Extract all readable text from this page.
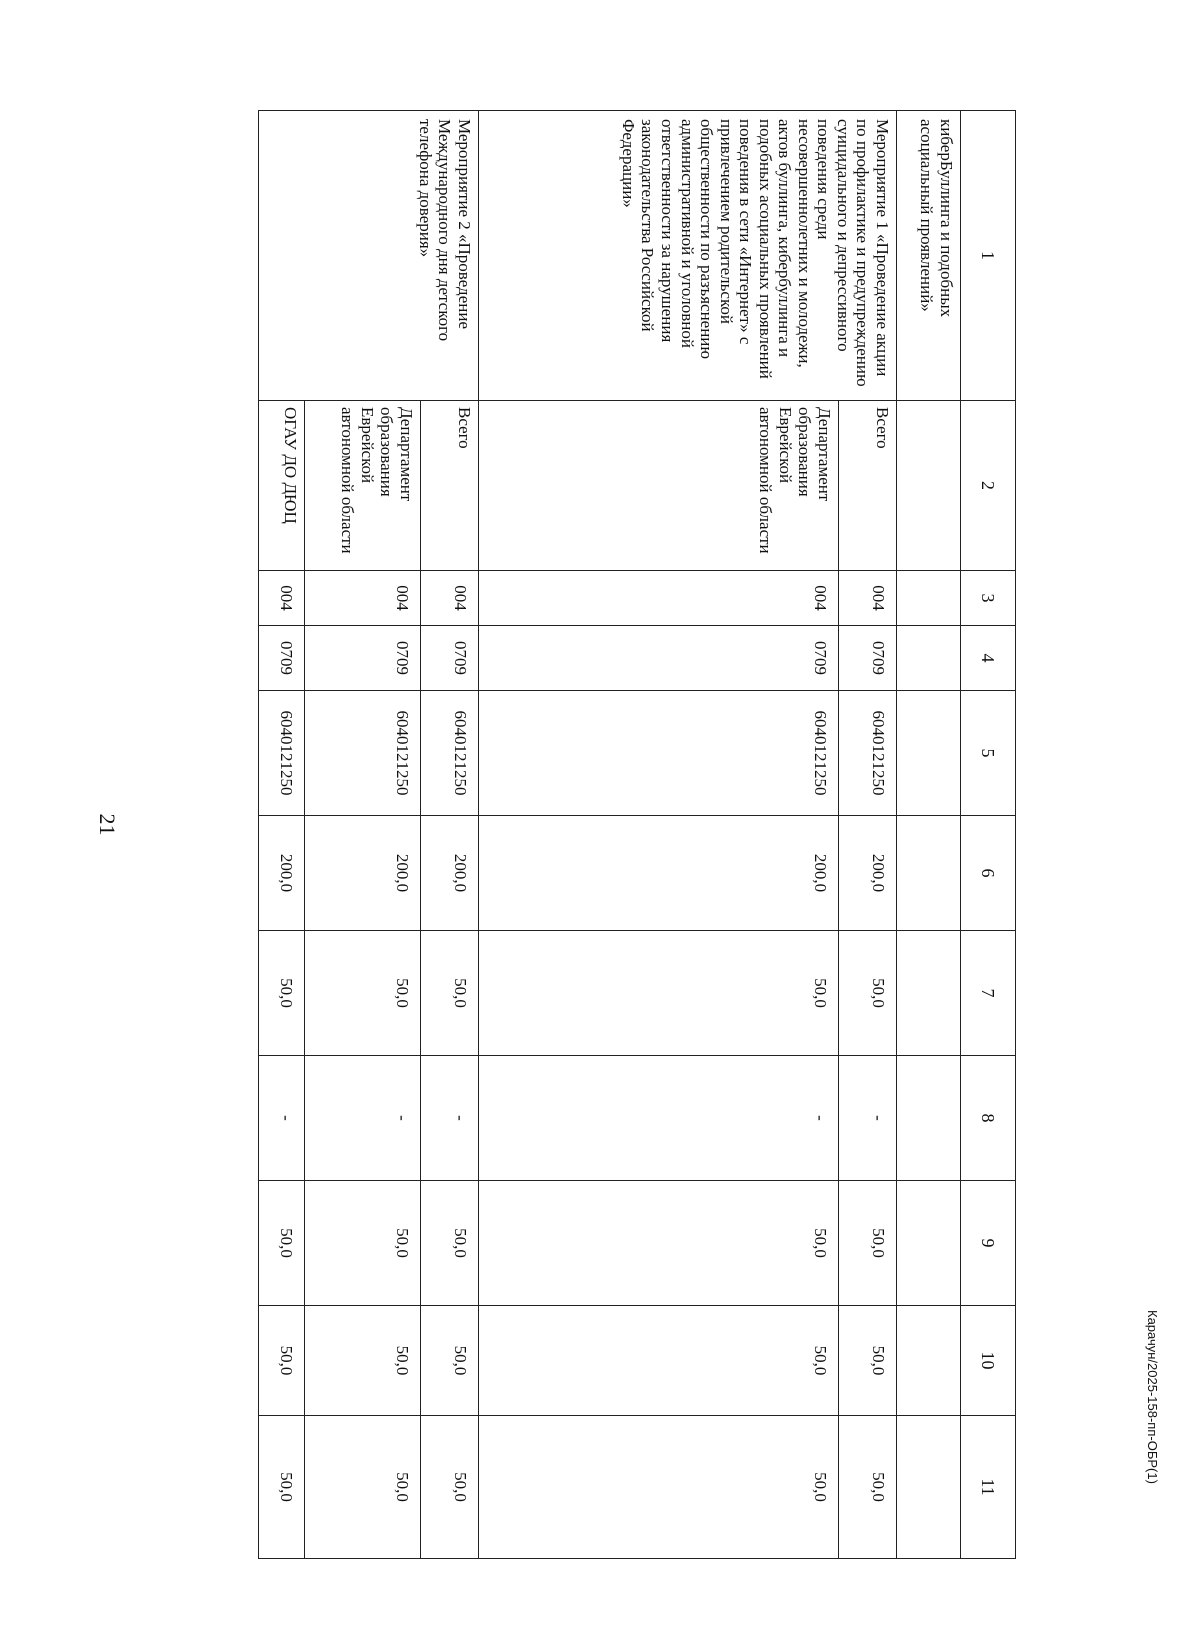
21
Карачун/2025-158-пп-ОБР(1)
1	2	3	4	5	6	7	8	9	10	11
киберБуллинга и подобных асоциальный проявлений»										
Мероприятие 1 «Проведение акции по профилактике и предупреждению суицидального и депрессивного поведения среди несовершеннолетних и молодежи, актов буллинга, кибербуллинга и подобных асоциальных проявлений поведения в сети «Интернет» с привлечением родительской общественности по разъяснению административной и уголовной ответственности за нарушения законодательства Российской Федерации»	Всего	004	0709	6040121250	200,0	50,0	-	50,0	50,0	50,0
	Департамент образования Еврейской автономной области	004	0709	6040121250	200,0	50,0	-	50,0	50,0	50,0
Мероприятие 2 «Проведение Международного дня детского телефона доверия»	Всего	004	0709	6040121250	200,0	50,0	-	50,0	50,0	50,0
	Департамент образования Еврейской автономной области	004	0709	6040121250	200,0	50,0	-	50,0	50,0	50,0
	ОГАУ ДО ДЮЦ	004	0709	6040121250	200,0	50,0	-	50,0	50,0	50,0
